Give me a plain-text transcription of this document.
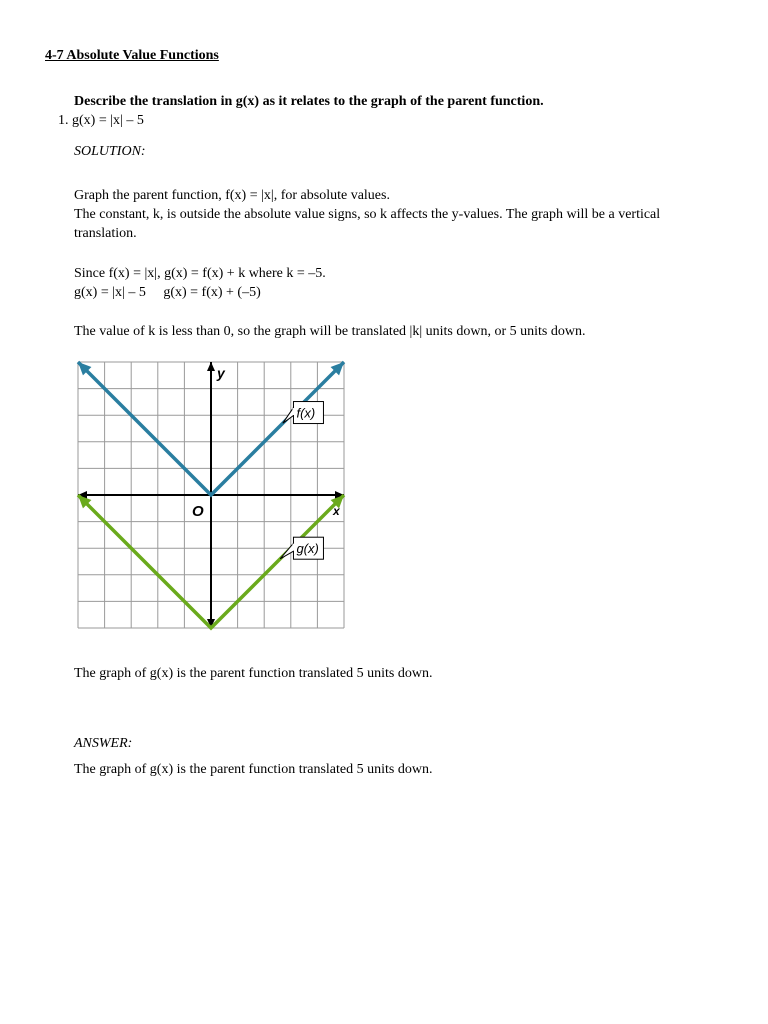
4-7 Absolute Value Functions
Describe the translation in g(x) as it relates to the graph of the parent function.
1. g(x) = |x| – 5
SOLUTION:
Graph the parent function, f(x) = |x|, for absolute values.
The constant, k, is outside the absolute value signs, so k affects the y-values. The graph will be a vertical translation.
Since f(x) = |x|, g(x) = f(x) + k where k = –5.
g(x) = |x| – 5     g(x) = f(x) + (–5)
The value of k is less than 0, so the graph will be translated |k| units down, or 5 units down.
y
O	x
f(x)
g(x)
The graph of g(x) is the parent function translated 5 units down.
ANSWER:
The graph of g(x) is the parent function translated 5 units down.
